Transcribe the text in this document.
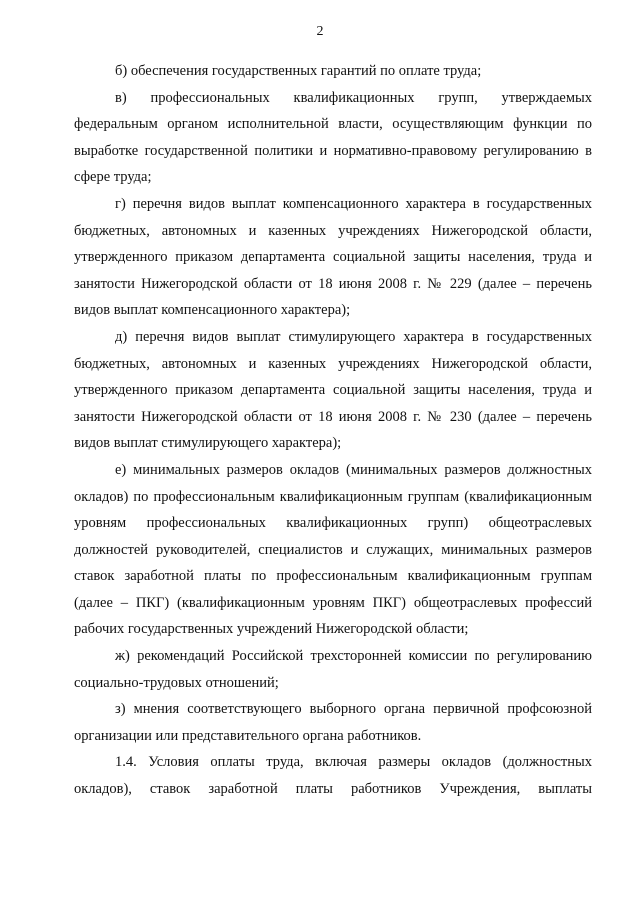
2

б) обеспечения государственных гарантий по оплате труда;

в) профессиональных квалификационных групп, утверждаемых федеральным органом исполнительной власти, осуществляющим функции по выработке государственной политики и нормативно-правовому регулированию в сфере труда;

г) перечня видов выплат компенсационного характера в государственных бюджетных, автономных и казенных учреждениях Нижегородской области, утвержденного приказом департамента социальной защиты населения, труда и занятости Нижегородской области от 18 июня 2008 г. № 229 (далее – перечень видов выплат компенсационного характера);

д) перечня видов выплат стимулирующего характера в государственных бюджетных, автономных и казенных учреждениях Нижегородской области, утвержденного приказом департамента социальной защиты населения, труда и занятости Нижегородской области от 18 июня 2008 г. № 230 (далее – перечень видов выплат стимулирующего характера);

е) минимальных размеров окладов (минимальных размеров должностных окладов) по профессиональным квалификационным группам (квалификационным уровням профессиональных квалификационных групп) общеотраслевых должностей руководителей, специалистов и служащих, минимальных размеров ставок заработной платы по профессиональным квалификационным группам (далее – ПКГ) (квалификационным уровням ПКГ) общеотраслевых профессий рабочих государственных учреждений Нижегородской области;

ж) рекомендаций Российской трехсторонней комиссии по регулированию социально-трудовых отношений;

з) мнения соответствующего выборного органа первичной профсоюзной организации или представительного органа работников.

1.4. Условия оплаты труда, включая размеры окладов (должностных окладов), ставок заработной платы работников Учреждения, выплаты
